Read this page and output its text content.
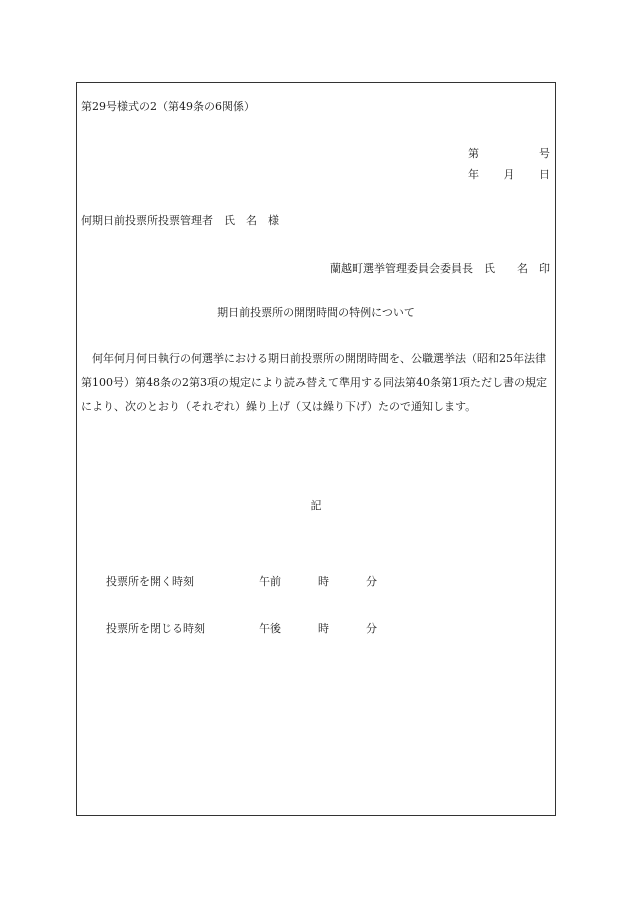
第29号様式の2（第49条の6関係）
第	号
年 月 日
何期日前投票所投票管理者　氏　名　様
蘭越町選挙管理委員会委員長　氏　　名　印
期日前投票所の開閉時間の特例について
何年何月何日執行の何選挙における期日前投票所の開閉時間を、公職選挙法（昭和25年法律第100号）第48条の2第3項の規定により読み替えて準用する同法第40条第1項ただし書の規定により、次のとおり（それぞれ）繰り上げ（又は繰り下げ）たので通知します。
記
投票所を開く時刻	午前	時	分
投票所を閉じる時刻	午後	時	分
